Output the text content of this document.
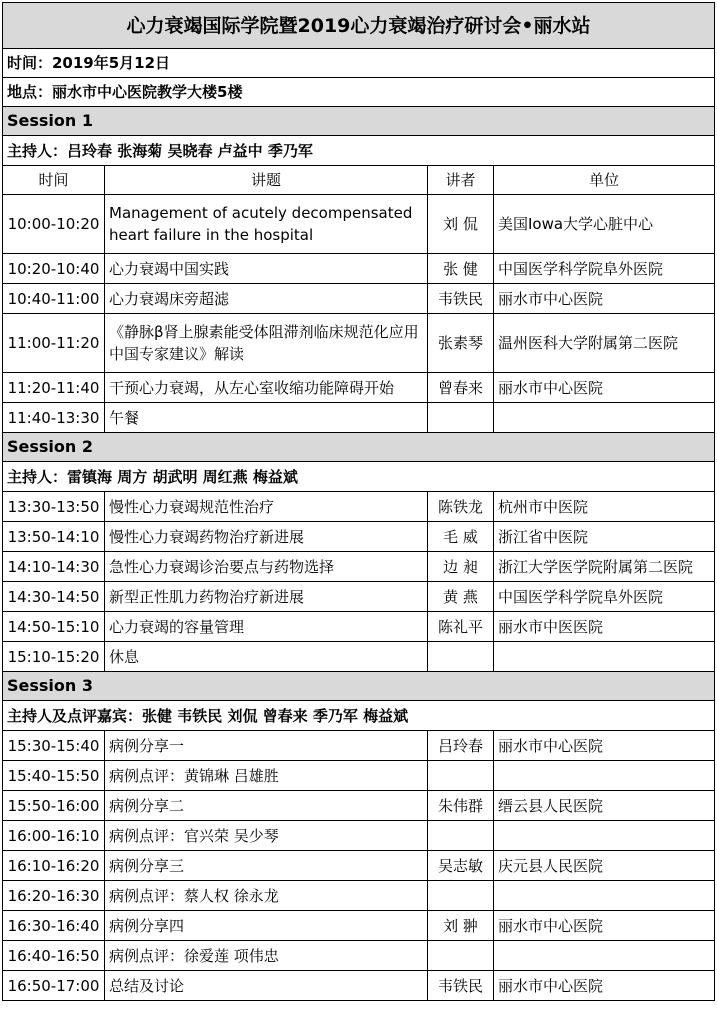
心力衰竭国际学院暨2019心力衰竭治疗研讨会•丽水站			
时间：2019年5月12日			
地点：丽水市中心医院教学大楼5楼			
Session 1			
主持人：吕玲春 张海菊 吴晓春 卢益中 季乃军			
时间	讲题	讲者	单位
10:00-10:20	Management of acutely decompensated heart failure in the hospital	刘 侃	美国Iowa大学心脏中心
10:20-10:40	心力衰竭中国实践	张 健	中国医学科学院阜外医院
10:40-11:00	心力衰竭床旁超滤	韦铁民	丽水市中心医院
11:00-11:20	《静脉β肾上腺素能受体阻滞剂临床规范化应用中国专家建议》解读	张素琴	温州医科大学附属第二医院
11:20-11:40	干预心力衰竭，从左心室收缩功能障碍开始	曾春来	丽水市中心医院
11:40-13:30	午餐		
Session 2			
主持人：雷镇海 周方 胡武明 周红燕 梅益斌			
13:30-13:50	慢性心力衰竭规范性治疗	陈铁龙	杭州市中医院
13:50-14:10	慢性心力衰竭药物治疗新进展	毛 威	浙江省中医院
14:10-14:30	急性心力衰竭诊治要点与药物选择	边 昶	浙江大学医学院附属第二医院
14:30-14:50	新型正性肌力药物治疗新进展	黄 燕	中国医学科学院阜外医院
14:50-15:10	心力衰竭的容量管理	陈礼平	丽水市中医医院
15:10-15:20	休息		
Session 3			
主持人及点评嘉宾：张健 韦铁民 刘侃 曾春来 季乃军 梅益斌			
15:30-15:40	病例分享一	吕玲春	丽水市中心医院
15:40-15:50	病例点评：黄锦琳 吕雄胜		
15:50-16:00	病例分享二	朱伟群	缙云县人民医院
16:00-16:10	病例点评：官兴荣 吴少琴		
16:10-16:20	病例分享三	吴志敏	庆元县人民医院
16:20-16:30	病例点评：蔡人权 徐永龙		
16:30-16:40	病例分享四	刘 翀	丽水市中心医院
16:40-16:50	病例点评：徐爱莲 项伟忠		
16:50-17:00	总结及讨论	韦铁民	丽水市中心医院
